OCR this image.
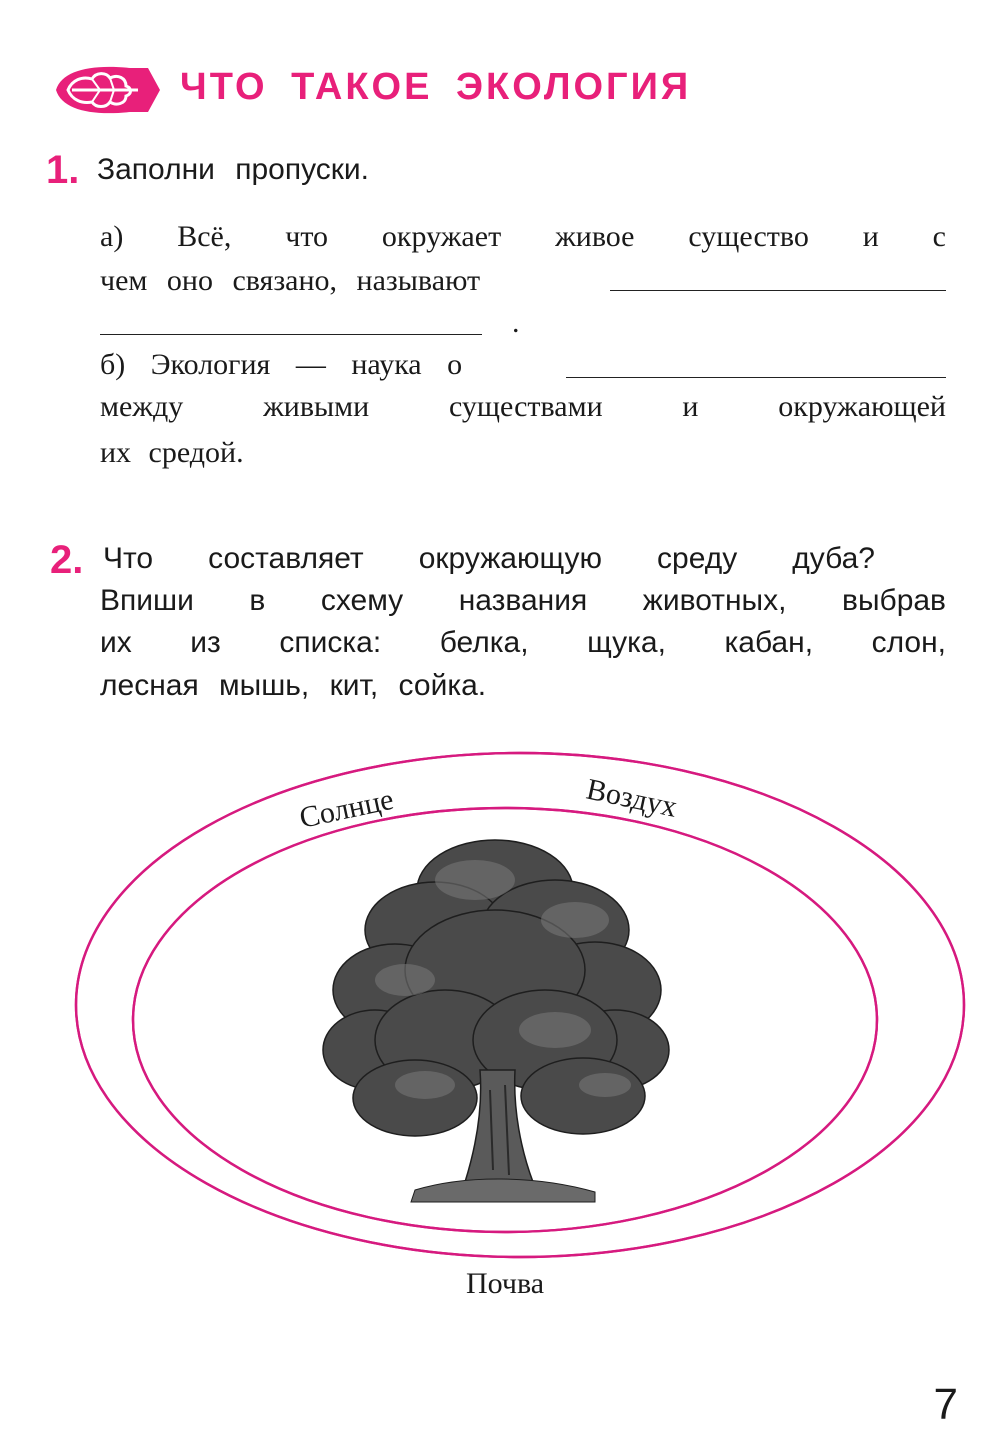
ЧТО ТАКОЕ ЭКОЛОГИЯ
1. Заполни пропуски.
а) Всё, что окружает живое существо и с
чем оно связано, называют
.
б) Экология — наука о
между живыми существами и окружающей
их средой.
2. Что составляет окружающую среду дуба?
Впиши в схему названия животных, выбрав
их из списка: белка, щука, кабан, слон,
лесная мышь, кит, сойка.
Солнце	Воздух
Почва
7
